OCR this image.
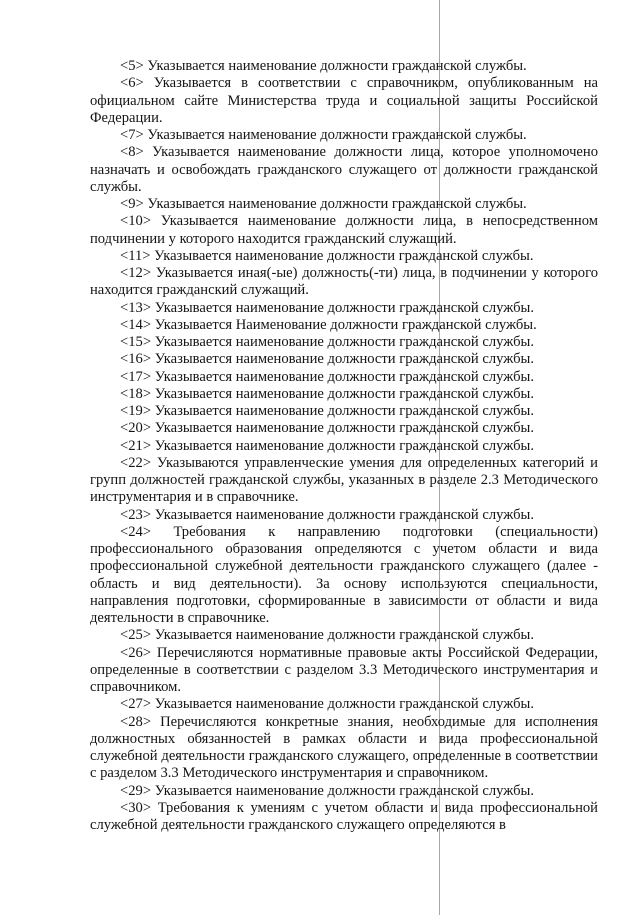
<5> Указывается наименование должности гражданской службы.

<6> Указывается в соответствии с справочником, опубликованным на официальном сайте Министерства труда и социальной защиты Российской Федерации.

<7> Указывается наименование должности гражданской службы.

<8> Указывается наименование должности лица, которое уполномочено назначать и освобождать гражданского служащего от должности гражданской службы.

<9> Указывается наименование должности гражданской службы.

<10> Указывается наименование должности лица, в непосредственном подчинении у которого находится гражданский служащий.

<11> Указывается наименование должности гражданской службы.

<12> Указывается иная(-ые) должность(-ти) лица, в подчинении у которого находится гражданский служащий.

<13> Указывается наименование должности гражданской службы.

<14> Указывается Наименование должности гражданской службы.

<15> Указывается наименование должности гражданской службы.

<16> Указывается наименование должности гражданской службы.

<17> Указывается наименование должности гражданской службы.

<18> Указывается наименование должности гражданской службы.

<19> Указывается наименование должности гражданской службы.

<20> Указывается наименование должности гражданской службы.

<21> Указывается наименование должности гражданской службы.

<22> Указываются управленческие умения для определенных категорий и групп должностей гражданской службы, указанных в разделе 2.3 Методического инструментария и в справочнике.

<23> Указывается наименование должности гражданской службы.

<24> Требования к направлению подготовки (специальности) профессионального образования определяются с учетом области и вида профессиональной служебной деятельности гражданского служащего (далее - область и вид деятельности). За основу используются специальности, направления подготовки, сформированные в зависимости от области и вида деятельности в справочнике.

<25> Указывается наименование должности гражданской службы.

<26> Перечисляются нормативные правовые акты Российской Федерации, определенные в соответствии с разделом 3.3 Методического инструментария и справочником.

<27> Указывается наименование должности гражданской службы.

<28> Перечисляются конкретные знания, необходимые для исполнения должностных обязанностей в рамках области и вида профессиональной служебной деятельности гражданского служащего, определенные в соответствии с разделом 3.3 Методического инструментария и справочником.

<29> Указывается наименование должности гражданской службы.

<30> Требования к умениям с учетом области и вида профессиональной служебной деятельности гражданского служащего определяются в
